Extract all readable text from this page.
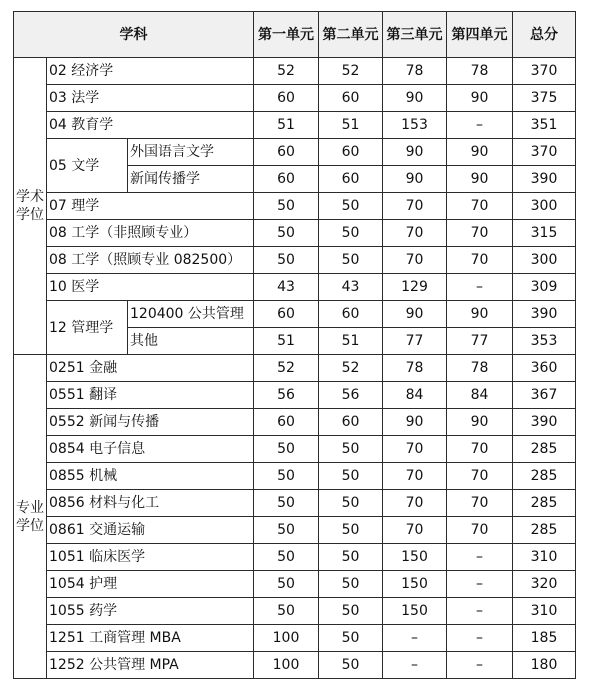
学科			第一单元	第二单元	第三单元	第四单元	总分
学术学位	02 经济学		52	52	78	78	370
	03 法学		60	60	90	90	375
	04 教育学		51	51	153	–	351
	05 文学	外国语言文学	60	60	90	90	370
		新闻传播学	60	60	90	90	390
	07 理学		50	50	70	70	300
	08 工学（非照顾专业）		50	50	70	70	315
	08 工学（照顾专业 082500）		50	50	70	70	300
	10 医学		43	43	129	–	309
	12 管理学	120400 公共管理	60	60	90	90	390
		其他	51	51	77	77	353
专业学位	0251 金融		52	52	78	78	360
	0551 翻译		56	56	84	84	367
	0552 新闻与传播		60	60	90	90	390
	0854 电子信息		50	50	70	70	285
	0855 机械		50	50	70	70	285
	0856 材料与化工		50	50	70	70	285
	0861 交通运输		50	50	70	70	285
	1051 临床医学		50	50	150	–	310
	1054 护理		50	50	150	–	320
	1055 药学		50	50	150	–	310
	1251 工商管理 MBA		100	50	–	–	185
	1252 公共管理 MPA		100	50	–	–	180
